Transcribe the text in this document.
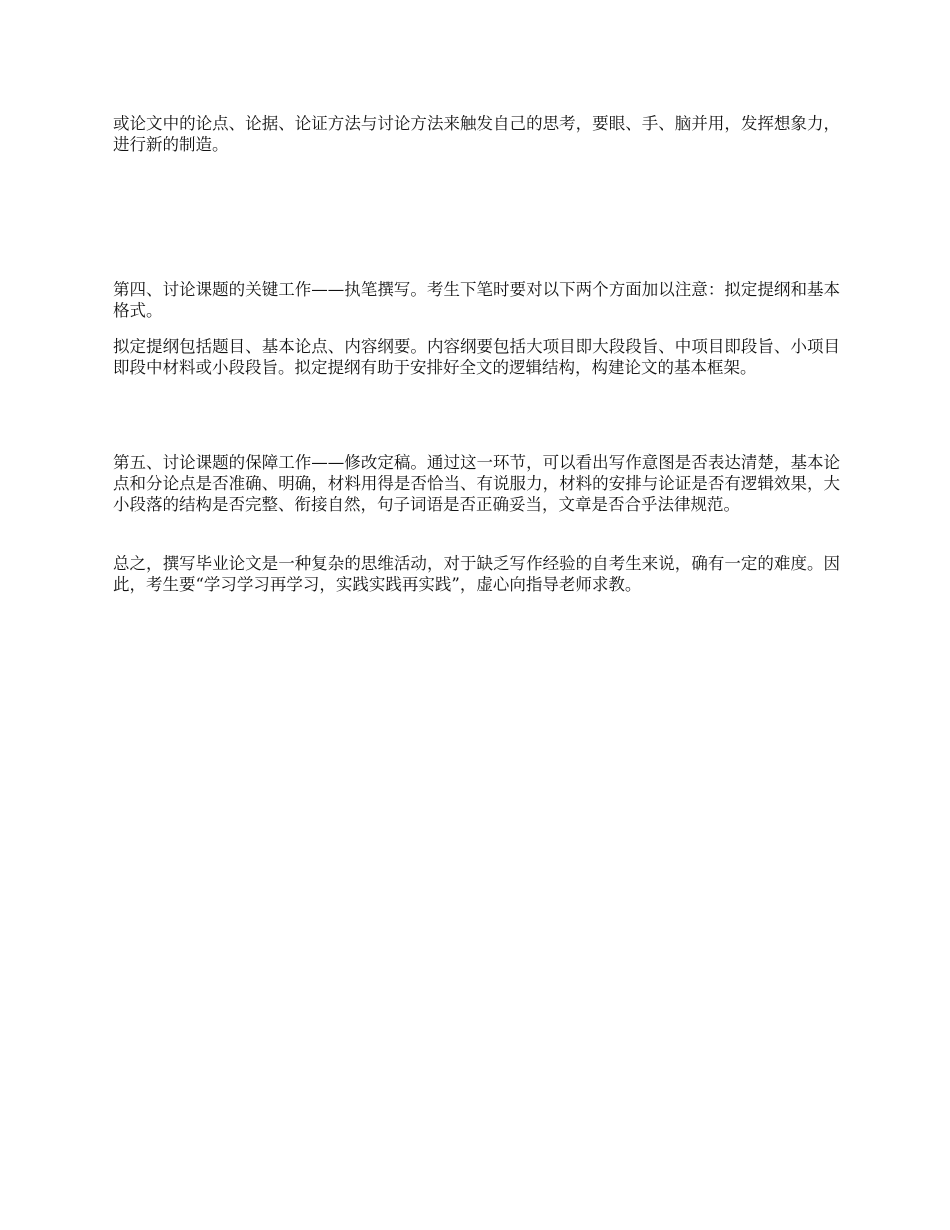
或论文中的论点、论据、论证方法与讨论方法来触发自己的思考，要眼、手、脑并用，发挥想象力，进行新的制造。

第四、讨论课题的关键工作——执笔撰写。考生下笔时要对以下两个方面加以注意：拟定提纲和基本格式。

拟定提纲包括题目、基本论点、内容纲要。内容纲要包括大项目即大段段旨、中项目即段旨、小项目即段中材料或小段段旨。拟定提纲有助于安排好全文的逻辑结构，构建论文的基本框架。

第五、讨论课题的保障工作——修改定稿。通过这一环节，可以看出写作意图是否表达清楚，基本论点和分论点是否准确、明确，材料用得是否恰当、有说服力，材料的安排与论证是否有逻辑效果，大小段落的结构是否完整、衔接自然，句子词语是否正确妥当，文章是否合乎法律规范。

总之，撰写毕业论文是一种复杂的思维活动，对于缺乏写作经验的自考生来说，确有一定的难度。因此，考生要“学习学习再学习，实践实践再实践”，虚心向指导老师求教。
